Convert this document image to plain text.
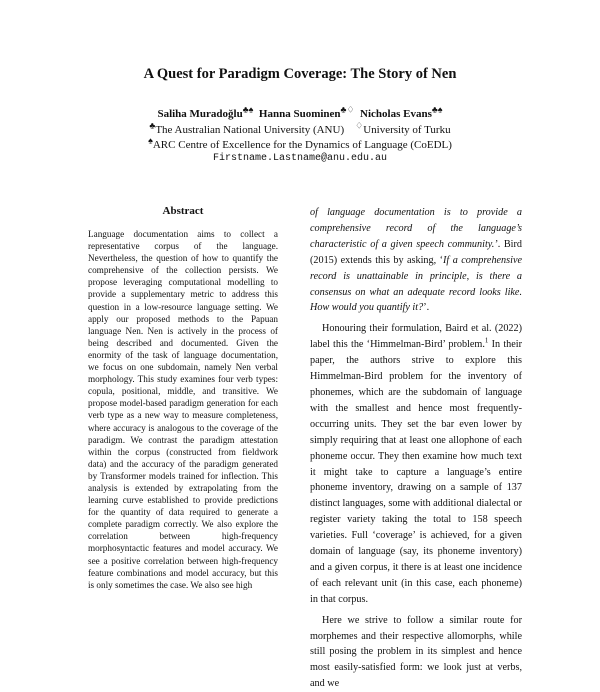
A Quest for Paradigm Coverage: The Story of Nen
Saliha Muradoğlu♣♠ Hanna Suominen♣♢ Nicholas Evans♣♠
♣The Australian National University (ANU) ♢University of Turku
♠ARC Centre of Excellence for the Dynamics of Language (CoEDL)
Firstname.Lastname@anu.edu.au
Abstract

Language documentation aims to collect a representative corpus of the language. Nevertheless, the question of how to quantify the comprehensive of the collection persists. We propose leveraging computational modelling to provide a supplementary metric to address this question in a low-resource language setting. We apply our proposed methods to the Papuan language Nen. Nen is actively in the process of being described and documented. Given the enormity of the task of language documentation, we focus on one subdomain, namely Nen verbal morphology. This study examines four verb types: copula, positional, middle, and transitive. We propose model-based paradigm generation for each verb type as a new way to measure completeness, where accuracy is analogous to the coverage of the paradigm. We contrast the paradigm attestation within the corpus (constructed from fieldwork data) and the accuracy of the paradigm generated by Transformer models trained for inflection. This analysis is extended by extrapolating from the learning curve established to provide predictions for the quantity of data required to generate a complete paradigm correctly. We also explore the correlation between high-frequency morphosyntactic features and model accuracy. We see a positive correlation between high-frequency feature combinations and model accuracy, but this is only sometimes the case. We also see high

of language documentation is to provide a comprehensive record of the language’s characteristic of a given speech community.’. Bird (2015) extends this by asking, ‘If a comprehensive record is unattainable in principle, is there a consensus on what an adequate record looks like. How would you quantify it?’.

Honouring their formulation, Baird et al. (2022) label this the ‘Himmelman-Bird’ problem.$^1$ In their paper, the authors strive to explore this Himmelman-Bird problem for the inventory of phonemes, which are the subdomain of language with the smallest and hence most frequently-occurring units. They set the bar even lower by simply requiring that at least one allophone of each phoneme occur. They then examine how much text it might take to capture a language’s entire phoneme inventory, drawing on a sample of 137 distinct languages, some with additional dialectal or register variety taking the total to 158 speech varieties. Full ‘coverage’ is achieved, for a given domain of language (say, its phoneme inventory) and a given corpus, it there is at least one incidence of each relevant unit (in this case, each phoneme) in that corpus.

Here we strive to follow a similar route for morphemes and their respective allomorphs, while still posing the problem in its simplest and hence most easily-satisfied form: we look just at verbs, and we
